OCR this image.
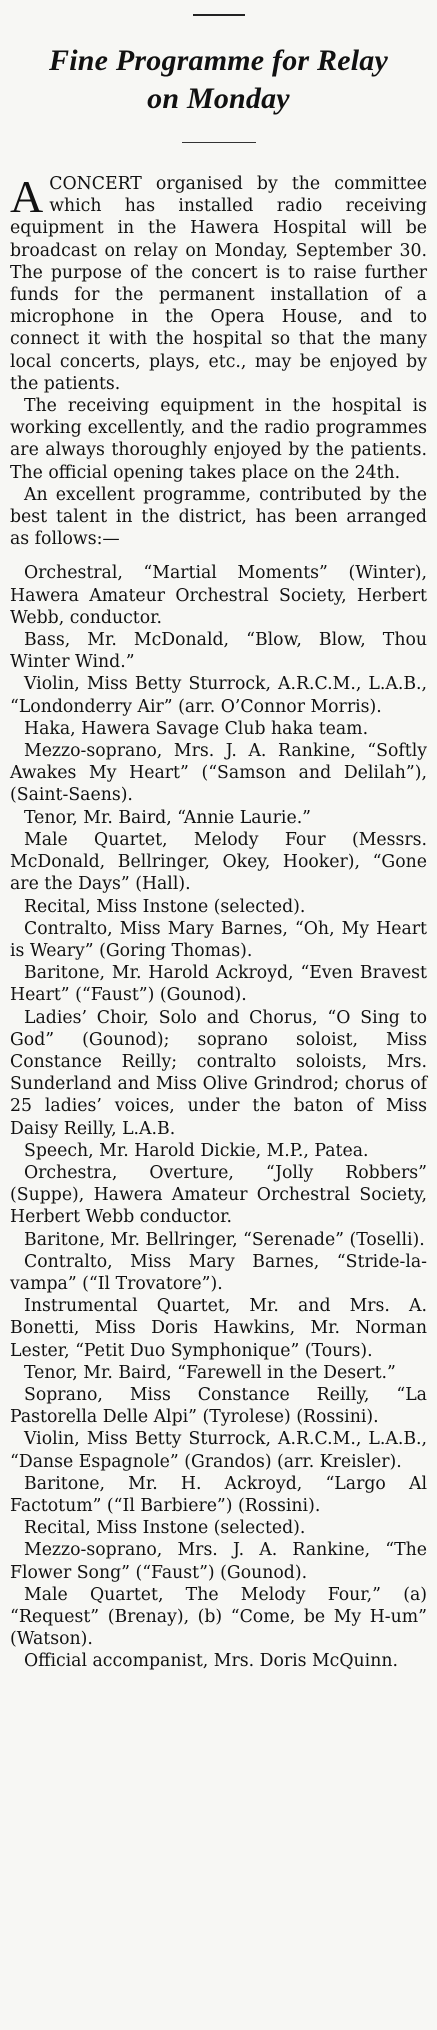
Fine Programme for Relay
on Monday

ACONCERT organised by the committee which has installed radio receiving equipment in the Hawera Hospital will be broadcast on relay on Monday, September 30. The purpose of the concert is to raise further funds for the permanent installation of a microphone in the Opera House, and to connect it with the hospital so that the many local concerts, plays, etc., may be enjoyed by the patients.

The receiving equipment in the hospital is working excellently, and the radio programmes are always thoroughly enjoyed by the patients. The official opening takes place on the 24th.

An excellent programme, contributed by the best talent in the district, has been arranged as follows:—

Orchestral, “Martial Moments” (Winter), Hawera Amateur Orchestral Society, Herbert Webb, conductor.

Bass, Mr. McDonald, “Blow, Blow, Thou Winter Wind.”

Violin, Miss Betty Sturrock, A.R.C.M., L.A.B., “Londonderry Air” (arr. O’Connor Morris).

Haka, Hawera Savage Club haka team.

Mezzo-soprano, Mrs. J. A. Rankine, “Softly Awakes My Heart” (“Samson and Delilah”), (Saint-Saens).

Tenor, Mr. Baird, “Annie Laurie.”

Male Quartet, Melody Four (Messrs. McDonald, Bellringer, Okey, Hooker), “Gone are the Days” (Hall).

Recital, Miss Instone (selected).

Contralto, Miss Mary Barnes, “Oh, My Heart is Weary” (Goring Thomas).

Baritone, Mr. Harold Ackroyd, “Even Bravest Heart” (“Faust”) (Gounod).

Ladies’ Choir, Solo and Chorus, “O Sing to God” (Gounod); soprano soloist, Miss Constance Reilly; contralto soloists, Mrs. Sunderland and Miss Olive Grindrod; chorus of 25 ladies’ voices, under the baton of Miss Daisy Reilly, L.A.B.

Speech, Mr. Harold Dickie, M.P., Patea.

Orchestra, Overture, “Jolly Robbers” (Suppe), Hawera Amateur Orchestral Society, Herbert Webb conductor.

Baritone, Mr. Bellringer, “Serenade” (Toselli).

Contralto, Miss Mary Barnes, “Stride-la-vampa” (“Il Trovatore”).

Instrumental Quartet, Mr. and Mrs. A. Bonetti, Miss Doris Hawkins, Mr. Norman Lester, “Petit Duo Symphonique” (Tours).

Tenor, Mr. Baird, “Farewell in the Desert.”

Soprano, Miss Constance Reilly, “La Pastorella Delle Alpi” (Tyrolese) (Rossini).

Violin, Miss Betty Sturrock, A.R.C.M., L.A.B., “Danse Espagnole” (Grandos) (arr. Kreisler).

Baritone, Mr. H. Ackroyd, “Largo Al Factotum” (“Il Barbiere”) (Rossini).

Recital, Miss Instone (selected).

Mezzo-soprano, Mrs. J. A. Rankine, “The Flower Song” (“Faust”) (Gounod).

Male Quartet, The Melody Four,” (a) “Request” (Brenay), (b) “Come, be My H-um” (Watson).

Official accompanist, Mrs. Doris McQuinn.
